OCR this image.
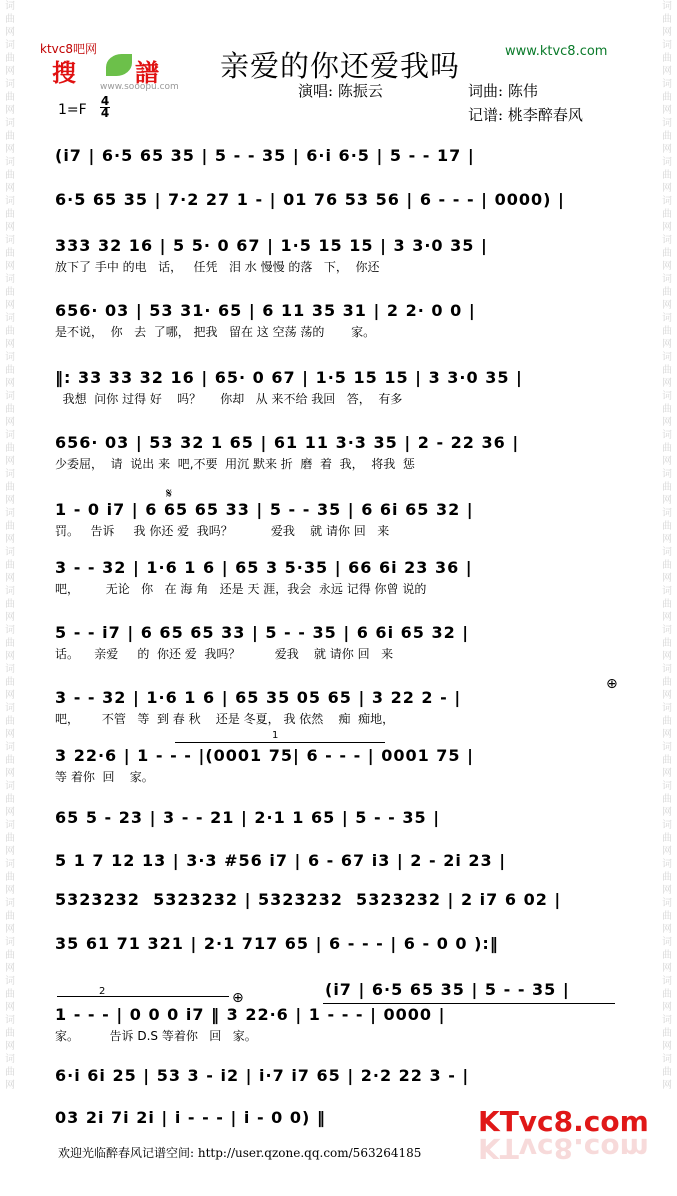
词曲网词曲网词曲网词曲网词曲网词曲网词曲网词曲网词曲网词曲网词曲网词曲网词曲网词曲网词曲网词曲网词曲网词曲网词曲网词曲网词曲网词曲网词曲网词曲网词曲网词曲网词曲网词曲网
词曲网词曲网词曲网词曲网词曲网词曲网词曲网词曲网词曲网词曲网词曲网词曲网词曲网词曲网词曲网词曲网词曲网词曲网词曲网词曲网词曲网词曲网词曲网词曲网词曲网词曲网词曲网词曲网
ktvc8吧网
搜 譜
www.sooopu.com
亲爱的你还爱我吗	www.ktvc8.com
演唱: 陈振云	词曲: 陈伟
记谱: 桃李醉春风
1=F
4
4
(i7 | 6·5 65 35 | 5 - - 35 | 6·i 6·5 | 5 - - 17 |
6·5 65 35 | 7·2 27 1 - | 01 76 53 56 | 6 - - - | 0000) |
333 32 16 | 5 5· 0 67 | 1·5 15 15 | 3 3·0 35 |
放下了 手中 的电   话，   任凭   泪 水 慢慢 的落   下，  你还
656· 03 | 53 31· 65 | 6 11 35 31 | 2 2· 0 0 |
是不说，  你   去  了哪， 把我   留在 这 空荡 荡的       家。
‖: 33 33 32 16 | 65· 0 67 | 1·5 15 15 | 3 3·0 35 |
我想  问你 过得 好    吗？     你却   从 来不给 我回   答，  有多
656· 03 | 53 32 1 65 | 61 11 3·3 35 | 2 - 22 36 |
少委屈，  请  说出 来  吧,不要  用沉 默来 折  磨  着  我，  将我  惩
𝄋
1 - 0 i7 | 6 65 65 33 | 5 - - 35 | 6 6i 65 32 |
罚。   告诉     我 你还 爱  我吗？          爱我    就 请你 回   来
3 - - 32 | 1·6 1 6 | 65 3 5·35 | 66 6i 23 36 |
吧，       无论   你   在 海 角   还是 天 涯，我会  永远 记得 你曾 说的
5 - - i7 | 6 65 65 33 | 5 - - 35 | 6 6i 65 32 |
话。    亲爱     的  你还 爱  我吗？         爱我    就 请你 回   来
⊕
3 - - 32 | 1·6 1 6 | 65 35 05 65 | 3 22 2 - |
吧，      不管   等  到 春 秋    还是 冬夏， 我 依然    痴  痴地，
1
3 22·6 | 1 - - - |(0001 75| 6 - - - | 0001 75 |
等 着你  回    家。
65 5 - 23 | 3 - - 21 | 2·1 1 65 | 5 - - 35 |
5 1 7 12 13 | 3·3 #56 i7 | 6 - 67 i3 | 2 - 2i 23 |
5323232  5323232 | 5323232  5323232 | 2 i7 6 02 |
35 61 71 321 | 2·1 717 65 | 6 - - - | 6 - 0 0 ):‖
(i7 | 6·5 65 35 | 5 - - 35 |
2	⊕
1 - - - | 0 0 0 i7 ‖ 3 22·6 | 1 - - - | 0000 |
家。        告诉 D.S 等着你   回   家。
6·i 6i 25 | 53 3 - i2 | i·7 i7 65 | 2·2 22 3 - |
03 2i 7i 2i | i - - - | i - 0 0) ‖	KTvc8.com
KTvc8.com
欢迎光临醉春风记谱空间: http://user.qzone.qq.com/563264185
